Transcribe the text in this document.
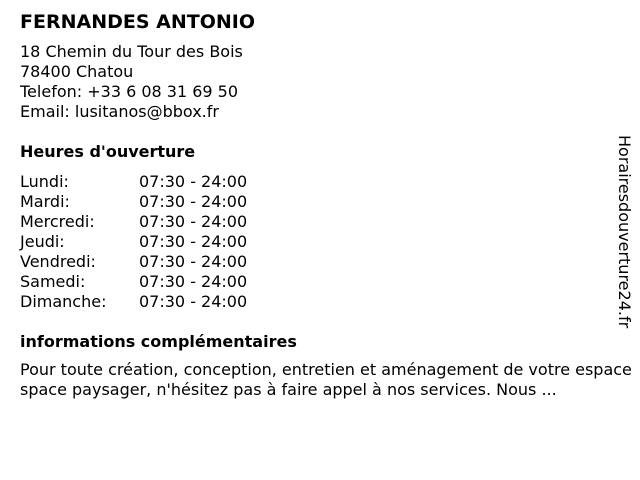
FERNANDES ANTONIO
18 Chemin du Tour des Bois
78400 Chatou
Telefon: +33 6 08 31 69 50
Email: lusitanos@bbox.fr
Heures d'ouverture
Lundi:	07:30 - 24:00
Mardi:	07:30 - 24:00
Mercredi:	07:30 - 24:00
Jeudi:	07:30 - 24:00
Vendredi:	07:30 - 24:00
Samedi:	07:30 - 24:00
Dimanche:	07:30 - 24:00
informations complémentaires
Pour toute création, conception, entretien et aménagement de votre espace
space paysager, n'hésitez pas à faire appel à nos services. Nous ...
Horairesdouverture24.fr
